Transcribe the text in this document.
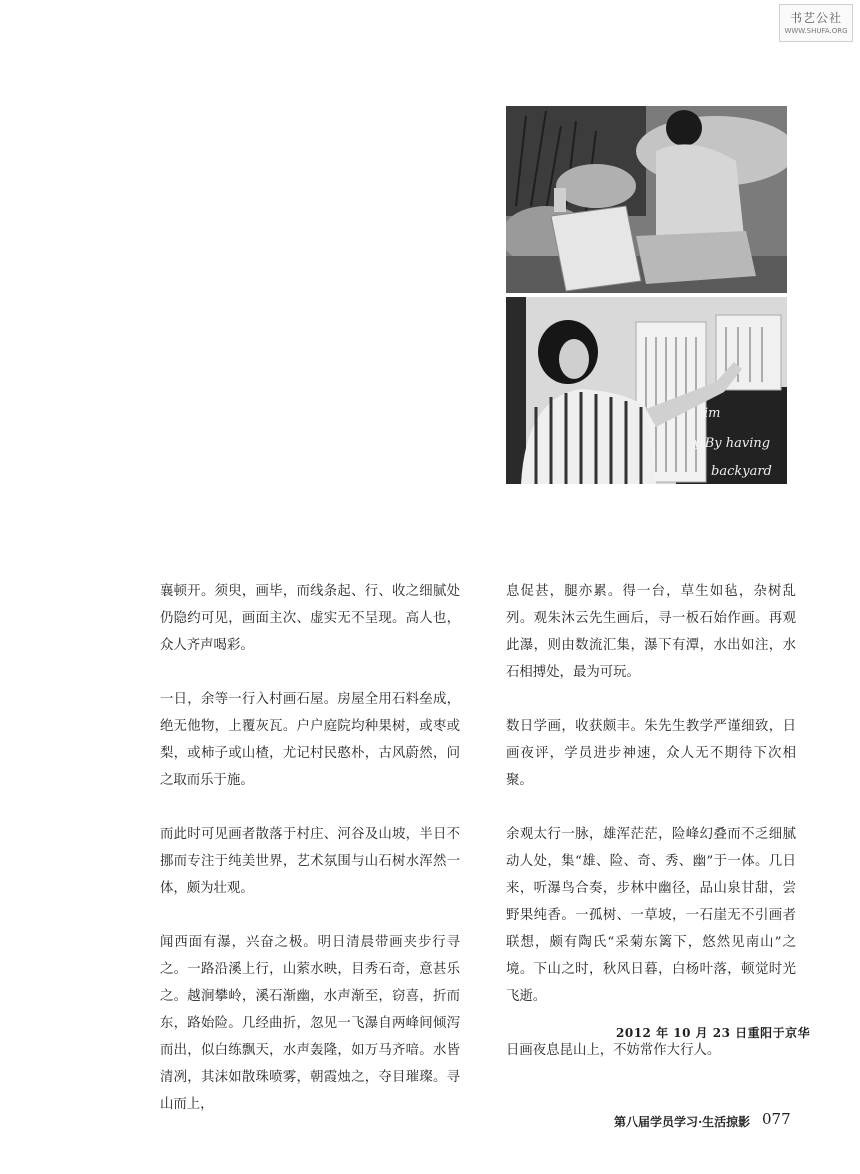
书艺公社
WWW.SHUFA.ORG
im
ty By having
backyard

襄顿开。须臾，画毕，而线条起、行、收之细腻处仍隐约可见，画面主次、虚实无不呈现。高人也，众人齐声喝彩。

一日，余等一行入村画石屋。房屋全用石料垒成，绝无他物，上覆灰瓦。户户庭院均种果树，或枣或梨，或柿子或山楂，尤记村民憨朴，古风蔚然，问之取而乐于施。

而此时可见画者散落于村庄、河谷及山坡，半日不挪而专注于纯美世界，艺术氛围与山石树水浑然一体，颇为壮观。

闻西面有瀑，兴奋之极。明日清晨带画夹步行寻之。一路沿溪上行，山萦水映，目秀石奇，意甚乐之。越涧攀岭，溪石渐幽，水声渐至，窃喜，折而东，路始险。几经曲折，忽见一飞瀑自两峰间倾泻而出，似白练飘天，水声轰隆，如万马齐喑。水皆清冽，其沫如散珠喷雾，朝霞烛之，夺目璀璨。寻山而上，

息促甚，腿亦累。得一台，草生如毡，杂树乱列。观朱沐云先生画后，寻一板石始作画。再观此瀑，则由数流汇集，瀑下有潭，水出如注，水石相搏处，最为可玩。

数日学画，收获颇丰。朱先生教学严谨细致，日画夜评，学员进步神速，众人无不期待下次相聚。

余观太行一脉，雄浑茫茫，险峰幻叠而不乏细腻动人处，集“雄、险、奇、秀、幽”于一体。几日来，听瀑鸟合奏，步林中幽径，品山泉甘甜，尝野果纯香。一孤树、一草坡，一石崖无不引画者联想，颇有陶氏“采菊东篱下，悠然见南山”之境。下山之时，秋风日暮，白杨叶落，顿觉时光飞逝。

日画夜息昆山上，不妨常作大行人。

2012 年 10 月 23 日重阳于京华
第八届学员学习·生活掠影 077
